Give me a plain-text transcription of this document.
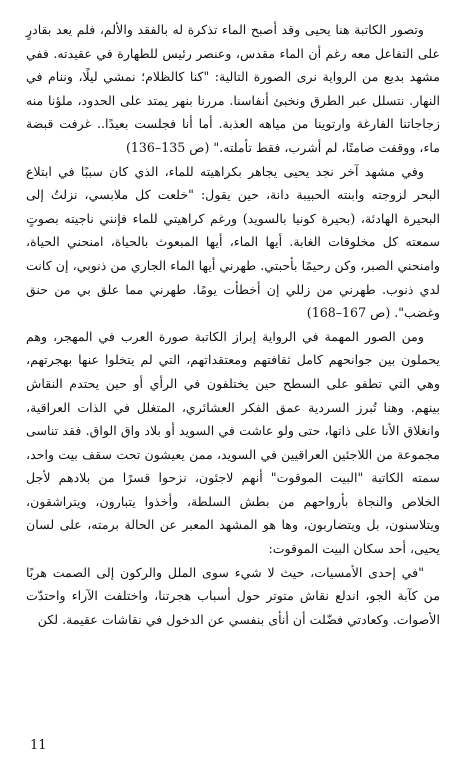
وتصور الكاتبة هنا يحيى وقد أصبح الماء تذكرة له بالفقد والألم، فلم يعد بقادرٍ على التفاعل معه رغم أن الماء مقدس، وعنصر رئيس للطهارة في عقيدته. ففي مشهد بديع من الرواية نرى الصورة التالية: "كنا كالظلام؛ نمشي ليلًا، وننام في النهار. نتسلل عبر الطرق ونخبئ أنفاسنا. مررنا بنهر يمتد على الحدود، ملؤنا منه زجاجاتنا الفارغة وارتوينا من مياهه العذبة. أما أنا فجلست بعيدًا.. غرفت قبضة ماء، ووقفت صامتًا، لم أشرب، فقط تأملته." (ص 135–136)

وفي مشهد آخر نجد يحيى يجاهر بكراهيته للماء، الذي كان سببًا في ابتلاع البحر لزوجته وابنته الحبيبة دانة، حين يقول: "خلعت كل ملابسي، نزلتُ إلى البحيرة الهادئة، (بحيرة كونيا بالسويد) ورغم كراهيتي للماء فإنني ناجيته بصوتٍ سمعته كل مخلوقات الغابة. أيها الماء، أيها المبعوث بالحياة، امنحني الحياة، وامنحني الصبر، وكن رحيمًا بأحبتي. طهرني أيها الماء الجاري من ذنوبي، إن كانت لدي ذنوب. طهرني من زللي إن أخطأت يومًا. طهرني مما علق بي من حنق وغضب". (ص 167–168)

ومن الصور المهمة في الرواية إبراز الكاتبة صورة العرب في المهجر، وهم يحملون بين جوانحهم كامل ثقافتهم ومعتقداتهم، التي لم يتخلوا عنها بهجرتهم، وهي التي تطفو على السطح حين يختلفون في الرأي أو حين يحتدم النقاش بينهم. وهنا تُبرز السردية عمق الفكر العشائري، المتغلل في الذات العراقية، وانغلاق الأنا على ذاتها، حتى ولو عاشت في السويد أو بلاد واق الواق. فقد تناسى مجموعة من اللاجئين العراقيين في السويد، ممن يعيشون تحت سقف بيت واحد، سمته الكاتبة "البيت الموقوت" أنهم لاجئون، نزحوا قسرًا من بلادهم لأجل الخلاص والنجاة بأرواحهم من بطش السلطة، وأخذوا يتبارون، ويتراشقون، ويتلاسنون، بل ويتضاربون، وها هو المشهد المعبر عن الحالة برمته، على لسان يحيى، أحد سكان البيت الموقوت:

"في إحدى الأمسيات، حيث لا شيء سوى الملل والركون إلى الصمت هربًا من كآبة الجو، اندلع نقاش متوتر حول أسباب هجرتنا، واختلفت الآراء واحتدّت الأصوات. وكعادتي فضّلت أن أنأى بنفسي عن الدخول في نقاشات عقيمة. لكن

11
